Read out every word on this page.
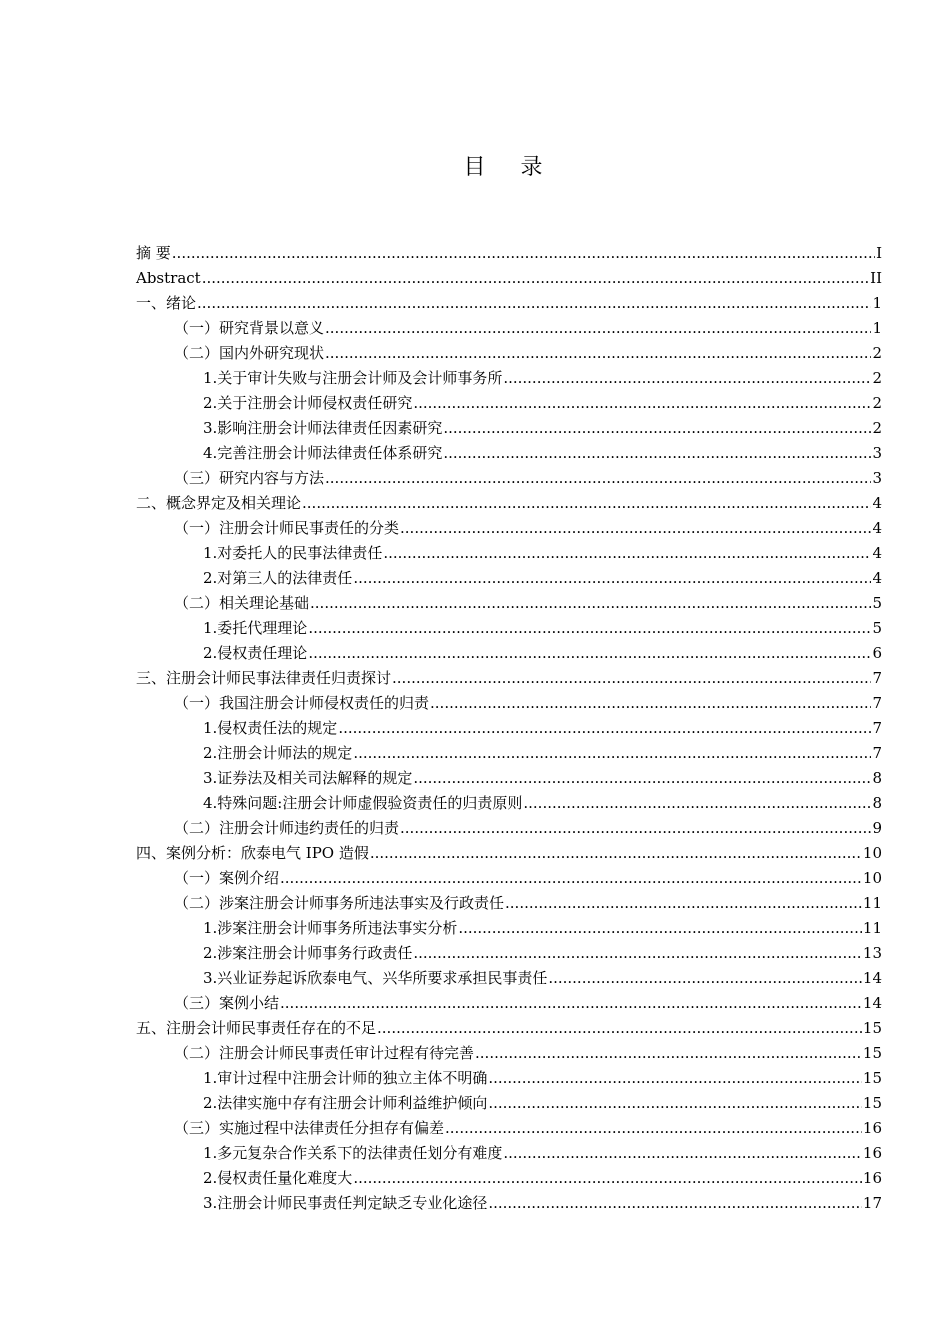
目 录
摘 要 .....	I
Abstract .....	II
一、绪论 .....	1
（一）研究背景以意义 .....	1
（二）国内外研究现状 .....	2
1.关于审计失败与注册会计师及会计师事务所 .....	2
2.关于注册会计师侵权责任研究 .....	2
3.影响注册会计师法律责任因素研究 .....	2
4.完善注册会计师法律责任体系研究 .....	3
（三）研究内容与方法 .....	3
二、概念界定及相关理论 .....	4
（一）注册会计师民事责任的分类 .....	4
1.对委托人的民事法律责任 .....	4
2.对第三人的法律责任 .....	4
（二）相关理论基础 .....	5
1.委托代理理论 .....	5
2.侵权责任理论 .....	6
三、注册会计师民事法律责任归责探讨 .....	7
（一）我国注册会计师侵权责任的归责 .....	7
1.侵权责任法的规定 .....	7
2.注册会计师法的规定 .....	7
3.证券法及相关司法解释的规定 .....	8
4.特殊问题:注册会计师虚假验资责任的归责原则 .....	8
（二）注册会计师违约责任的归责 .....	9
四、案例分析：欣泰电气 IPO 造假 .....	10
（一）案例介绍 .....	10
（二）涉案注册会计师事务所违法事实及行政责任 .....	11
1.涉案注册会计师事务所违法事实分析 .....	11
2.涉案注册会计师事务行政责任 .....	13
3.兴业证券起诉欣泰电气、兴华所要求承担民事责任 .....	14
（三）案例小结 .....	14
五、注册会计师民事责任存在的不足 .....	15
（二）注册会计师民事责任审计过程有待完善 .....	15
1.审计过程中注册会计师的独立主体不明确 .....	15
2.法律实施中存有注册会计师利益维护倾向 .....	15
（三）实施过程中法律责任分担存有偏差 .....	16
1.多元复杂合作关系下的法律责任划分有难度 .....	16
2.侵权责任量化难度大 .....	16
3.注册会计师民事责任判定缺乏专业化途径 .....	17
